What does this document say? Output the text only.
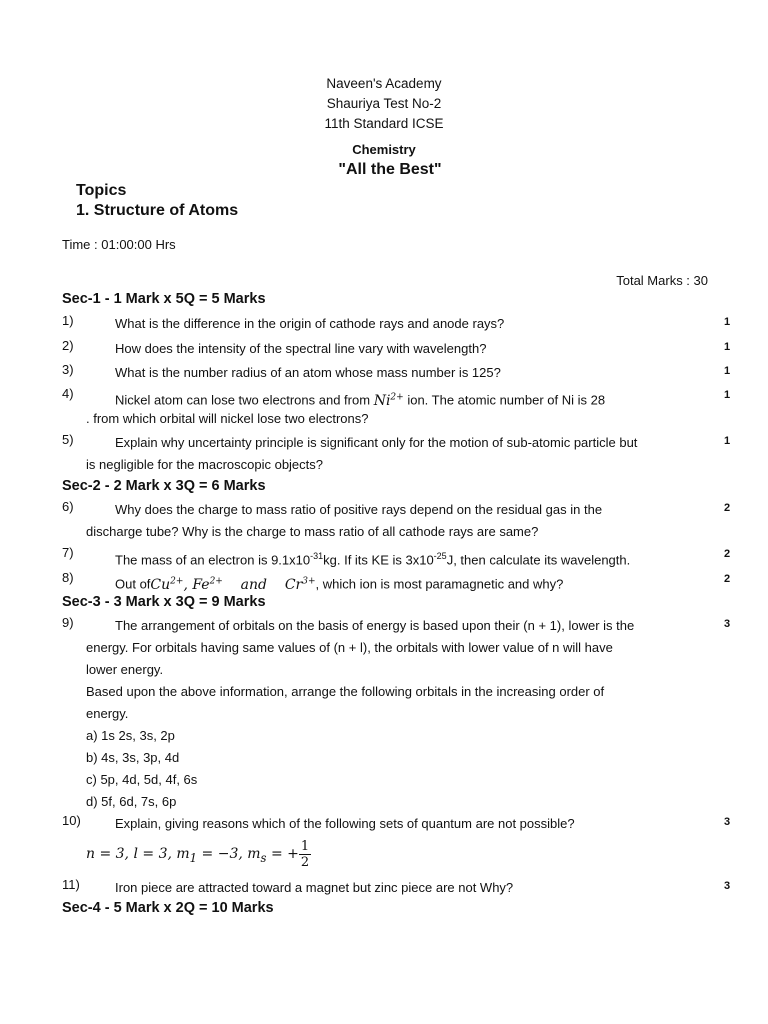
Naveen's Academy
Shauriya Test No-2
11th Standard ICSE
Chemistry
"All the Best"
Topics
1. Structure of Atoms
Time : 01:00:00 Hrs
Total Marks : 30
Sec-1 - 1 Mark x 5Q = 5 Marks
1)	What is the difference in the origin of cathode rays and anode rays?	1
2)	How does the intensity of the spectral line vary with wavelength?	1
3)	What is the number radius of an atom whose mass number is 125?	1
4)	Nickel atom can lose two electrons and from $Ni^{2+}$ ion. The atomic number of Ni is 28
. from which orbital will nickel lose two electrons?
1
5)	Explain why uncertainty principle is significant only for the motion of sub-atomic particle but
is negligible for the macroscopic objects?
1
Sec-2 - 2 Mark x 3Q = 6 Marks
6)	Why does the charge to mass ratio of positive rays depend on the residual gas in the
discharge tube? Why is the charge to mass ratio of all cathode rays are same?
2
7)	The mass of an electron is $9.1x10^{-31}kg$. If its KE is $3x10^{-25}J$, then calculate its wavelength.	2
8)	Out ofCu$^{2+}$, $Fe^{2+}$ and $Cr^{3+}$, which ion is most paramagnetic and why?	2
Sec-3 - 3 Mark x 3Q = 9 Marks
9)	The arrangement of orbitals on the basis of energy is based upon their (n + 1), lower is the	3
energy. For orbitals having same values of (n + l), the orbitals with lower value of n will have
lower energy.
Based upon the above information, arrange the following orbitals in the increasing order of
energy.
a) 1s 2s, 3s, 2p
b) 4s, 3s, 3p, 4d
c) 5p, 4d, 5d, 4f, 6s
d) 5f, 6d, 7s, 6p
10)	Explain, giving reasons which of the following sets of quantum are not possible?	3
n = 3, l = 3, $m_1 = -3$, $m_s$ = + $\frac{1}{2}$
11)	Iron piece are attracted toward a magnet but zinc piece are not Why?	3
Sec-4 - 5 Mark x 2Q = 10 Marks
